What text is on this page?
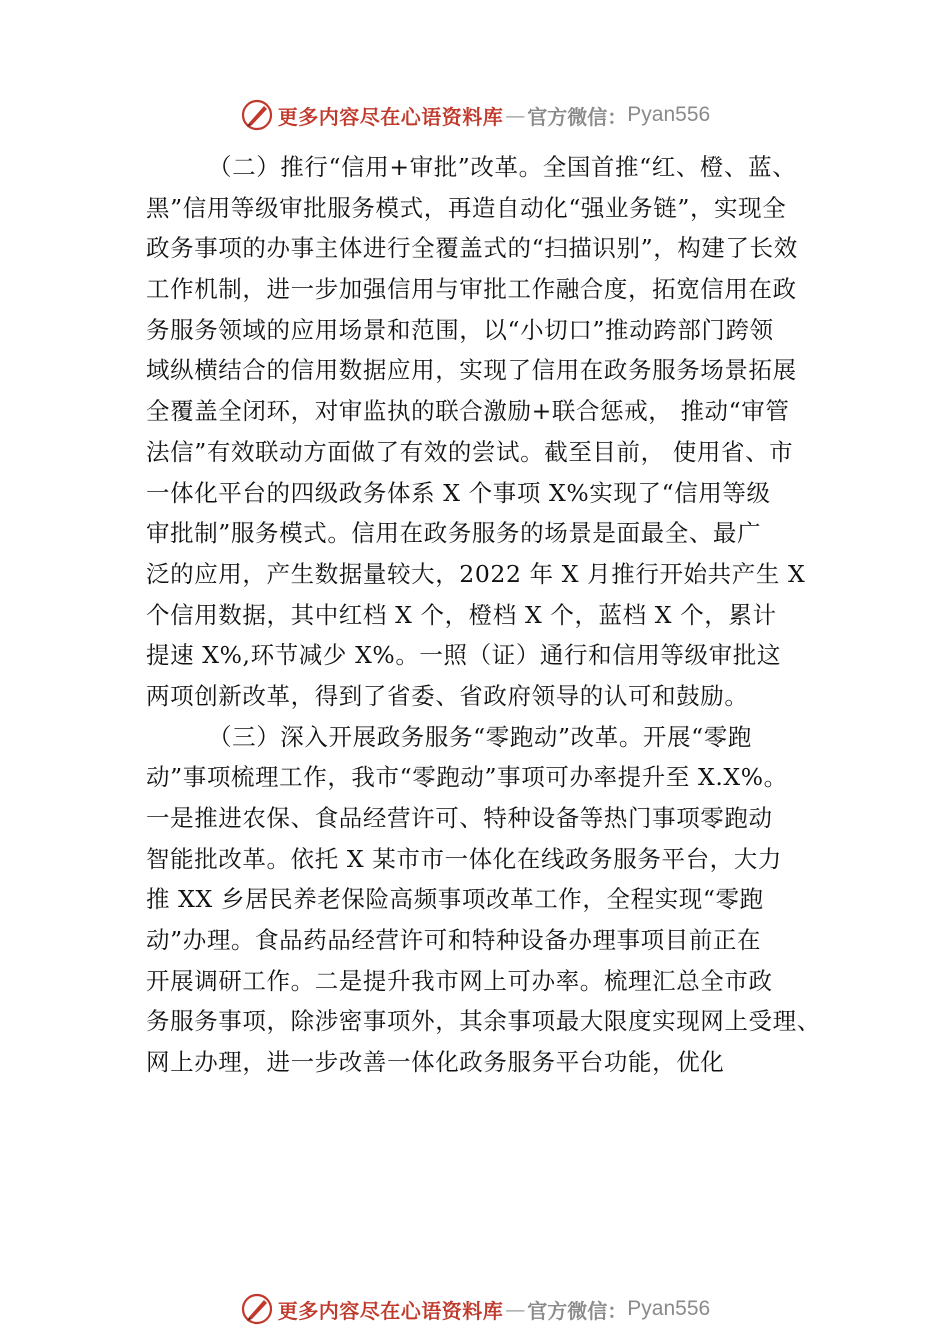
更多内容尽在心语资料库 — 官方微信： Pyan556
（二）推行“信用+审批”改革。全国首推“红、橙、蓝、
黑”信用等级审批服务模式，再造自动化“强业务链”，实现全
政务事项的办事主体进行全覆盖式的“扫描识别”，构建了长效
工作机制，进一步加强信用与审批工作融合度，拓宽信用在政
务服务领域的应用场景和范围，以“小切口”推动跨部门跨领
域纵横结合的信用数据应用，实现了信用在政务服务场景拓展
全覆盖全闭环，对审监执的联合激励+联合惩戒， 推动“审管
法信”有效联动方面做了有效的尝试。截至目前， 使用省、市
一体化平台的四级政务体系 X 个事项 X%实现了“信用等级
审批制”服务模式。信用在政务服务的场景是面最全、最广
泛的应用，产生数据量较大，2022 年 X 月推行开始共产生 X
个信用数据，其中红档 X 个，橙档 X 个，蓝档 X 个，累计
提速 X%,环节减少 X%。一照（证）通行和信用等级审批这
两项创新改革，得到了省委、省政府领导的认可和鼓励。
（三）深入开展政务服务“零跑动”改革。开展“零跑
动”事项梳理工作，我市“零跑动”事项可办率提升至 X.X%。
一是推进农保、食品经营许可、特种设备等热门事项零跑动
智能批改革。依托 X 某市市一体化在线政务服务平台，大力
推 XX 乡居民养老保险高频事项改革工作，全程实现“零跑
动”办理。食品药品经营许可和特种设备办理事项目前正在
开展调研工作。二是提升我市网上可办率。梳理汇总全市政
务服务事项，除涉密事项外，其余事项最大限度实现网上受理、
网上办理，进一步改善一体化政务服务平台功能，优化
更多内容尽在心语资料库 — 官方微信： Pyan556
